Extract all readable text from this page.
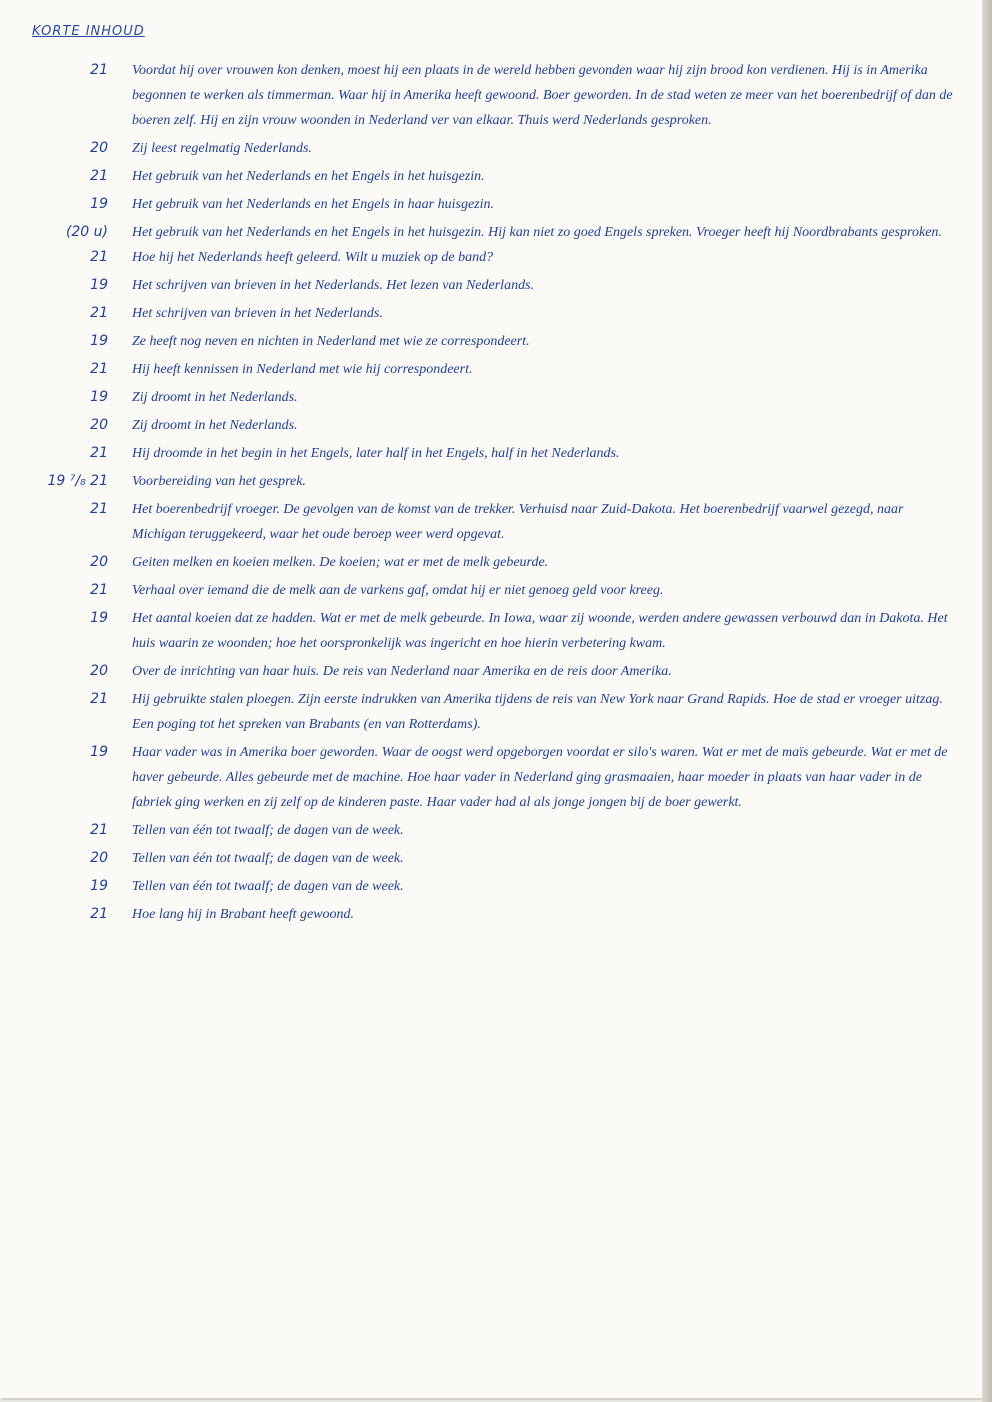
KORTE INHOUD
21 Voordat hij over vrouwen kon denken, moest hij een plaats in de wereld hebben gevonden waar hij zijn brood kon verdienen. Hij is in Amerika begonnen te werken als timmerman. Waar hij in Amerika heeft gewoond. Boer geworden. In de stad weten ze meer van het boerenbedrijf of dan de boeren zelf. Hij en zijn vrouw woonden in Nederland ver van elkaar. Thuis werd Nederlands gesproken.
20 Zij leest regelmatig Nederlands.
21 Het gebruik van het Nederlands en het Engels in het huisgezin.
19 Het gebruik van het Nederlands en het Engels in haar huisgezin.
(20 u) 21
Het gebruik van het Nederlands en het Engels in het huisgezin. Hij kan niet zo goed Engels spreken. Vroeger heeft hij Noordbrabants gesproken. Hoe hij het Nederlands heeft geleerd. Wilt u muziek op de band?
19 Het schrijven van brieven in het Nederlands. Het lezen van Nederlands.
21 Het schrijven van brieven in het Nederlands.
19 Ze heeft nog neven en nichten in Nederland met wie ze correspondeert.
21 Hij heeft kennissen in Nederland met wie hij correspondeert.
19 Zij droomt in het Nederlands.
20 Zij droomt in het Nederlands.
21 Hij droomde in het begin in het Engels, later half in het Engels, half in het Nederlands.
19 ⁷/₈ 21 Voorbereiding van het gesprek.
21 Het boerenbedrijf vroeger. De gevolgen van de komst van de trekker. Verhuisd naar Zuid-Dakota. Het boerenbedrijf vaarwel gezegd, naar Michigan teruggekeerd, waar het oude beroep weer werd opgevat.
20 Geiten melken en koeien melken. De koeien; wat er met de melk gebeurde.
21 Verhaal over iemand die de melk aan de varkens gaf, omdat hij er niet genoeg geld voor kreeg.
19 Het aantal koeien dat ze hadden. Wat er met de melk gebeurde. In Iowa, waar zij woonde, werden andere gewassen verbouwd dan in Dakota. Het huis waarin ze woonden; hoe het oorspronkelijk was ingericht en hoe hierin verbetering kwam.
20 Over de inrichting van haar huis. De reis van Nederland naar Amerika en de reis door Amerika.
21 Hij gebruikte stalen ploegen. Zijn eerste indrukken van Amerika tijdens de reis van New York naar Grand Rapids. Hoe de stad er vroeger uitzag. Een poging tot het spreken van Brabants (en van Rotterdams).
19 Haar vader was in Amerika boer geworden. Waar de oogst werd opgeborgen voordat er silo's waren. Wat er met de maïs gebeurde. Wat er met de haver gebeurde. Alles gebeurde met de machine. Hoe haar vader in Nederland ging grasmaaien, haar moeder in plaats van haar vader in de fabriek ging werken en zij zelf op de kinderen paste. Haar vader had al als jonge jongen bij de boer gewerkt.
21 Tellen van één tot twaalf; de dagen van de week.
20 Tellen van één tot twaalf; de dagen van de week.
19 Tellen van één tot twaalf; de dagen van de week.
21 Hoe lang hij in Brabant heeft gewoond.
